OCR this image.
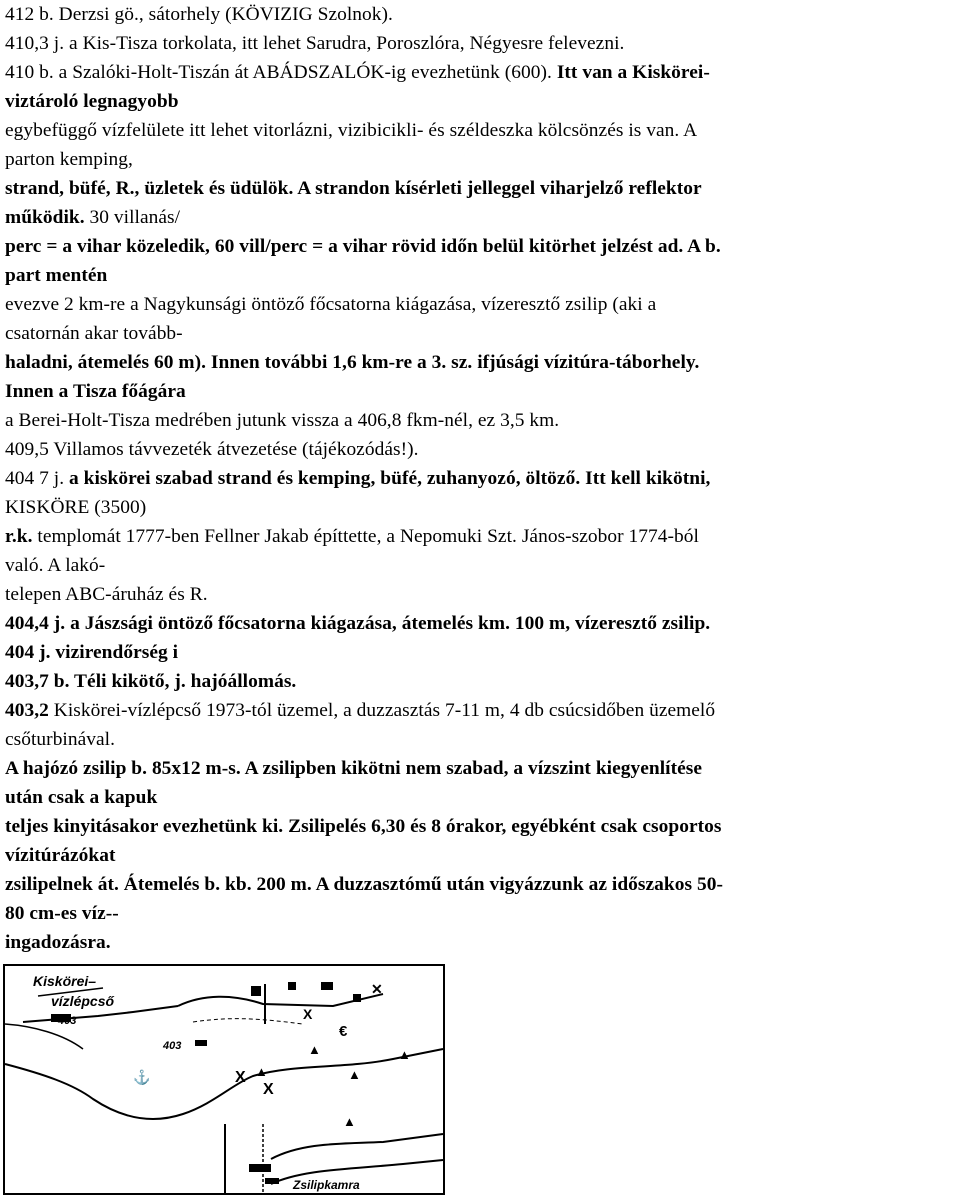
412 b. Derzsi gö., sátorhely (KÖVIZIG Szolnok).
410,3 j. a Kis-Tisza torkolata, itt lehet Sarudra, Poroszlóra, Négyesre felevezni.
410 b. a Szalóki-Holt-Tiszán át ABÁDSZALÓK-ig evezhetünk (600). Itt van a Kiskörei-
viztároló legnagyobb
egybefüggő vízfelülete itt lehet vitorlázni, vizibicikli- és széldeszka kölcsönzés is van. A
parton kemping,
strand, büfé, R., üzletek és üdülök. A strandon kísérleti jelleggel viharjelző reflektor
működik. 30 villanás/
perc = a vihar közeledik, 60 vill/perc = a vihar rövid időn belül kitörhet jelzést ad. A b.
part mentén
evezve 2 km-re a Nagykunsági öntöző főcsatorna kiágazása, vízeresztő zsilip (aki a
csatornán akar tovább-
haladni, átemelés 60 m). Innen további 1,6 km-re a 3. sz. ifjúsági vízitúra-táborhely.
Innen a Tisza főágára
a Berei-Holt-Tisza medrében jutunk vissza a 406,8 fkm-nél, ez 3,5 km.
409,5 Villamos távvezeték átvezetése (tájékozódás!).
404 7 j. a kiskörei szabad strand és kemping, büfé, zuhanyozó, öltöző. Itt kell kikötni,
KISKÖRE (3500)
r.k. templomát 1777-ben Fellner Jakab építtette, a Nepomuki Szt. János-szobor 1774-ból
való. A lakó-
telepen ABC-áruház és R.
404,4 j. a Jászsági öntöző főcsatorna kiágazása, átemelés km. 100 m, vízeresztő zsilip.
404 j. vizirendőrség i
403,7 b. Téli kikötő, j. hajóállomás.
403,2 Kiskörei-vízlépcső 1973-tól üzemel, a duzzasztás 7-11 m, 4 db csúcsidőben üzemelő
csőturbinával.
A hajózó zsilip b. 85x12 m-s. A zsilipben kikötni nem szabad, a vízszint kiegyenlítése
után csak a kapuk
teljes kinyitásakor evezhetünk ki. Zsilipelés 6,30 és 8 órakor, egyébként csak csoportos
vízitúrázókat
zsilipelnek át. Átemelés b. kb. 200 m. A duzzasztómű után vigyázzunk az időszakos 50-
80 cm-es víz--
ingadozásra.
✕
X
€
▲
▲
▲
▲
X
X
⚓
▲
Kiskörei–
vízlépcső
403
403
Zsilipkamra
